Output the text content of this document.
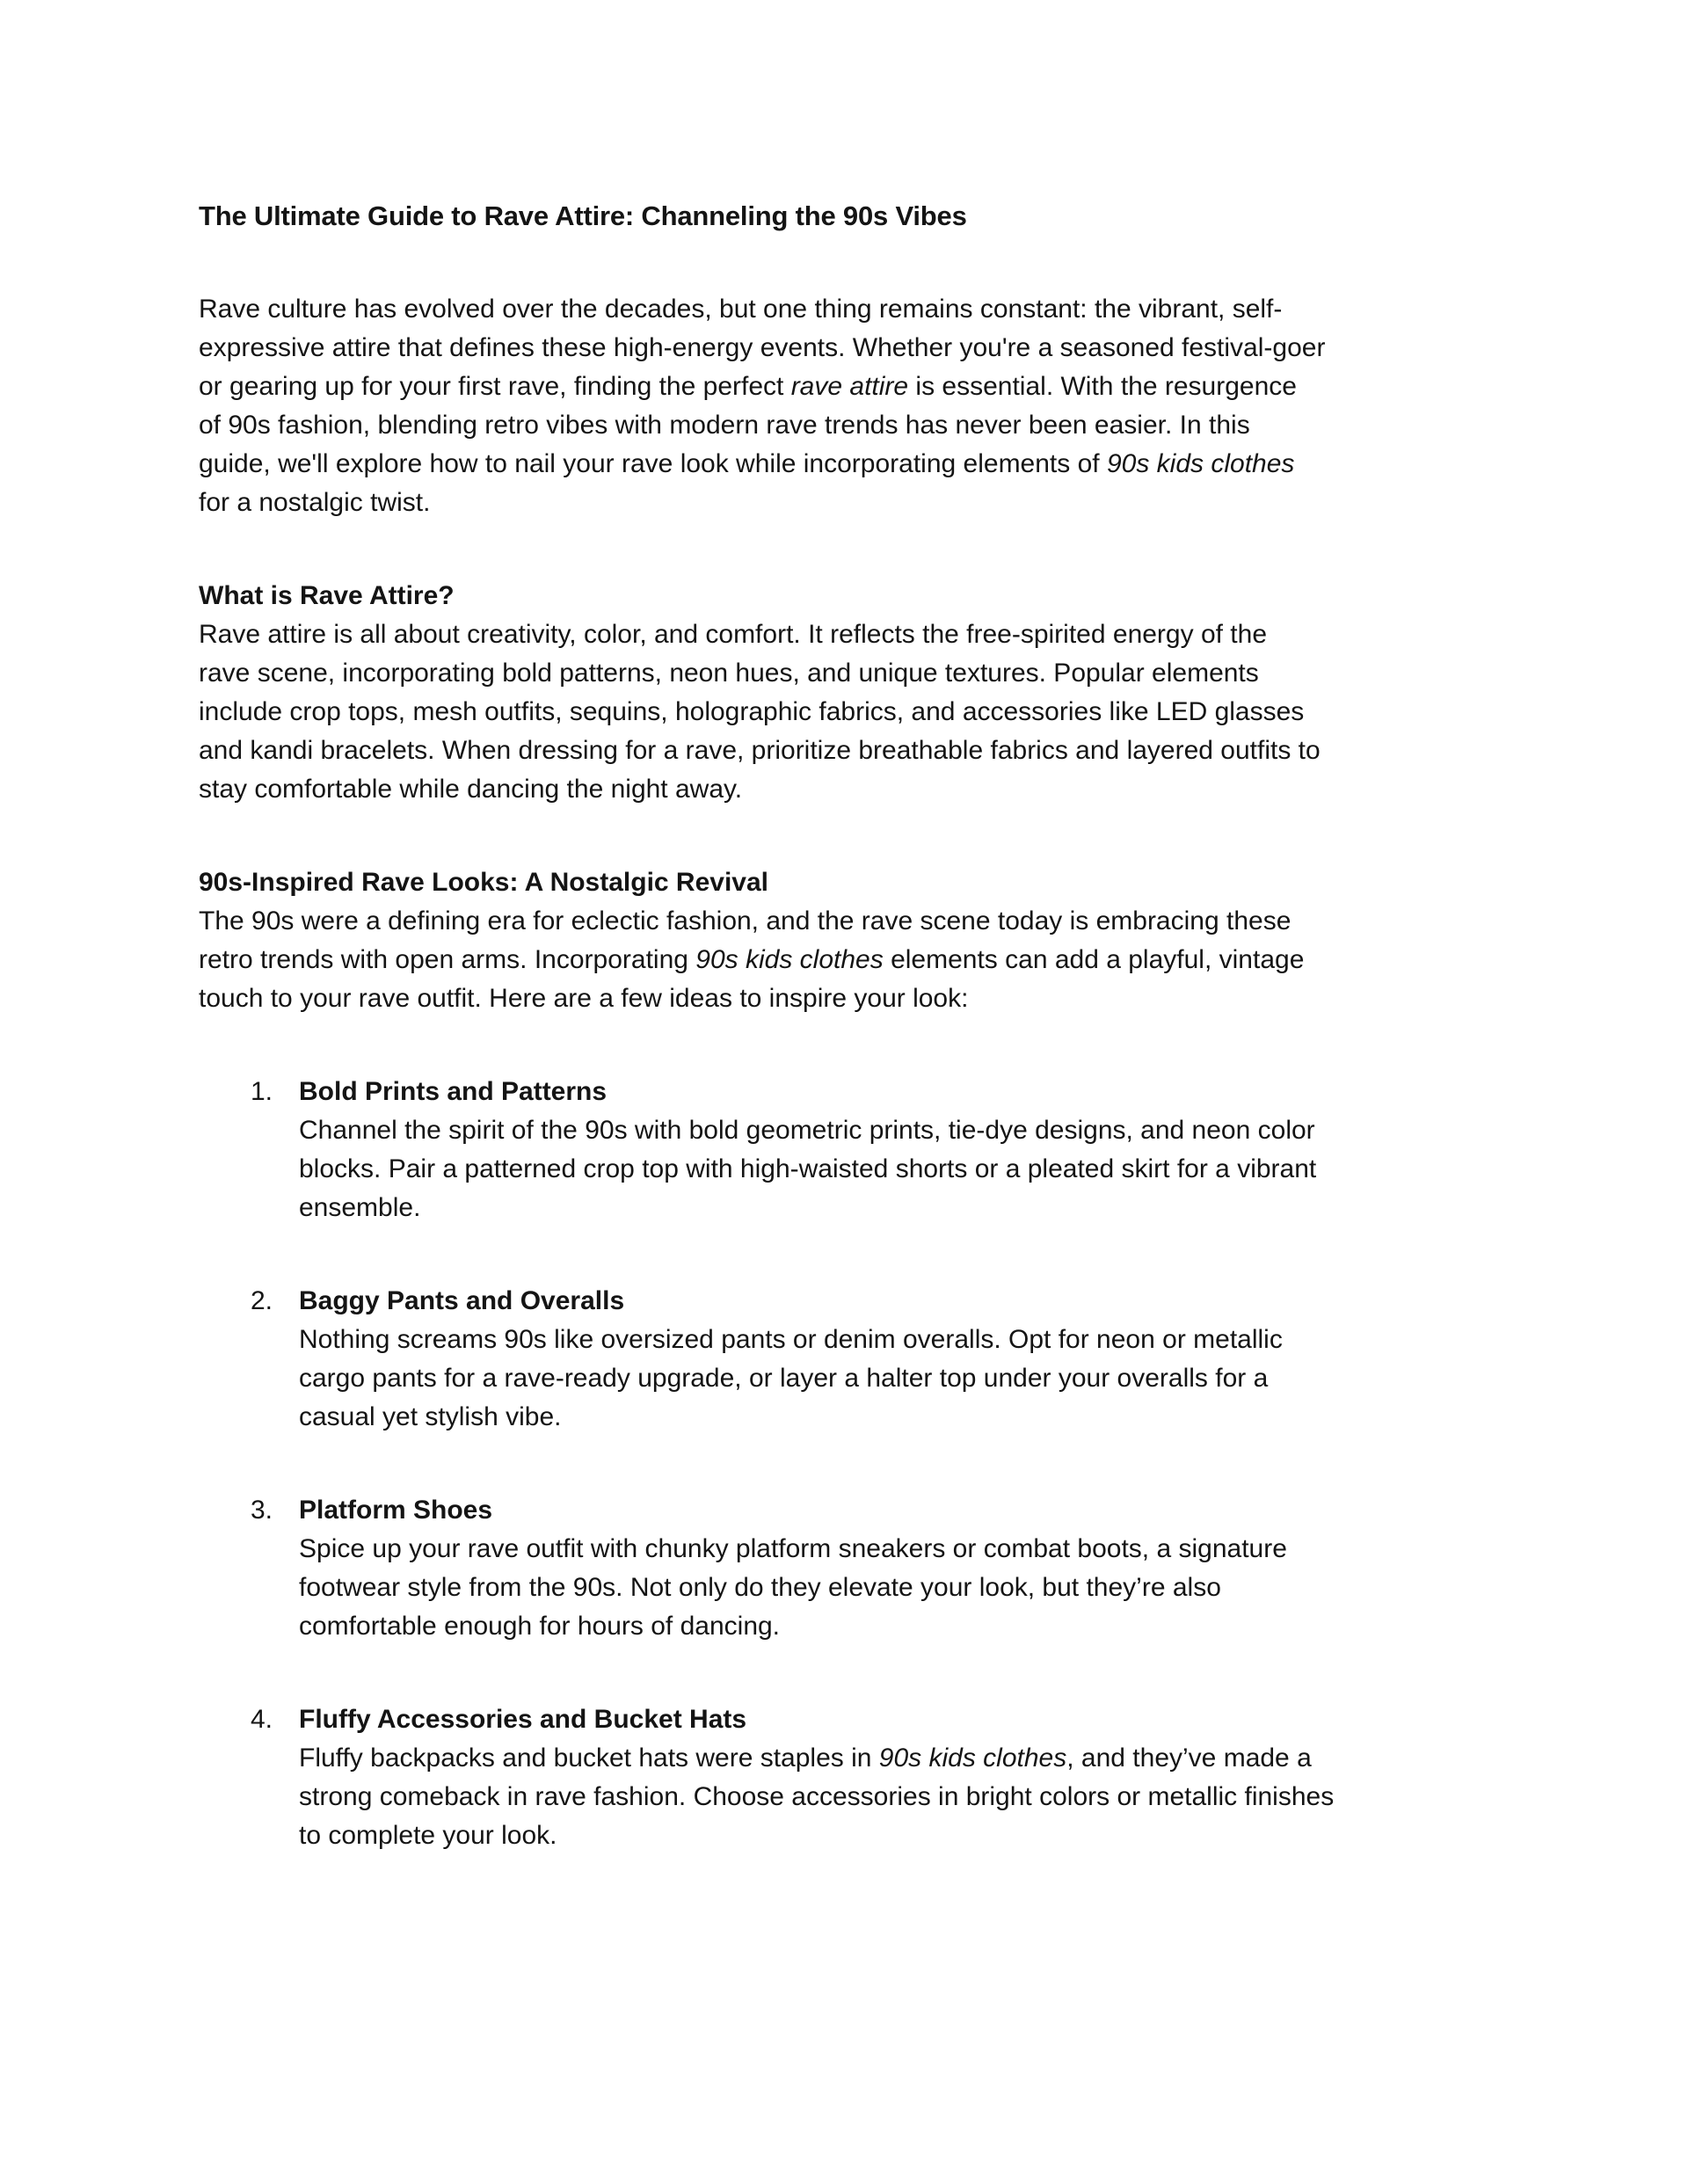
The Ultimate Guide to Rave Attire: Channeling the 90s Vibes
Rave culture has evolved over the decades, but one thing remains constant: the vibrant, self-
expressive attire that defines these high-energy events. Whether you're a seasoned festival-goer
or gearing up for your first rave, finding the perfect rave attire is essential. With the resurgence
of 90s fashion, blending retro vibes with modern rave trends has never been easier. In this
guide, we'll explore how to nail your rave look while incorporating elements of 90s kids clothes
for a nostalgic twist.
What is Rave Attire?
Rave attire is all about creativity, color, and comfort. It reflects the free-spirited energy of the
rave scene, incorporating bold patterns, neon hues, and unique textures. Popular elements
include crop tops, mesh outfits, sequins, holographic fabrics, and accessories like LED glasses
and kandi bracelets. When dressing for a rave, prioritize breathable fabrics and layered outfits to
stay comfortable while dancing the night away.
90s-Inspired Rave Looks: A Nostalgic Revival
The 90s were a defining era for eclectic fashion, and the rave scene today is embracing these
retro trends with open arms. Incorporating 90s kids clothes elements can add a playful, vintage
touch to your rave outfit. Here are a few ideas to inspire your look:
1. Bold Prints and Patterns
Channel the spirit of the 90s with bold geometric prints, tie-dye designs, and neon color
blocks. Pair a patterned crop top with high-waisted shorts or a pleated skirt for a vibrant
ensemble.
2. Baggy Pants and Overalls
Nothing screams 90s like oversized pants or denim overalls. Opt for neon or metallic
cargo pants for a rave-ready upgrade, or layer a halter top under your overalls for a
casual yet stylish vibe.
3. Platform Shoes
Spice up your rave outfit with chunky platform sneakers or combat boots, a signature
footwear style from the 90s. Not only do they elevate your look, but they’re also
comfortable enough for hours of dancing.
4. Fluffy Accessories and Bucket Hats
Fluffy backpacks and bucket hats were staples in 90s kids clothes, and they’ve made a
strong comeback in rave fashion. Choose accessories in bright colors or metallic finishes
to complete your look.
